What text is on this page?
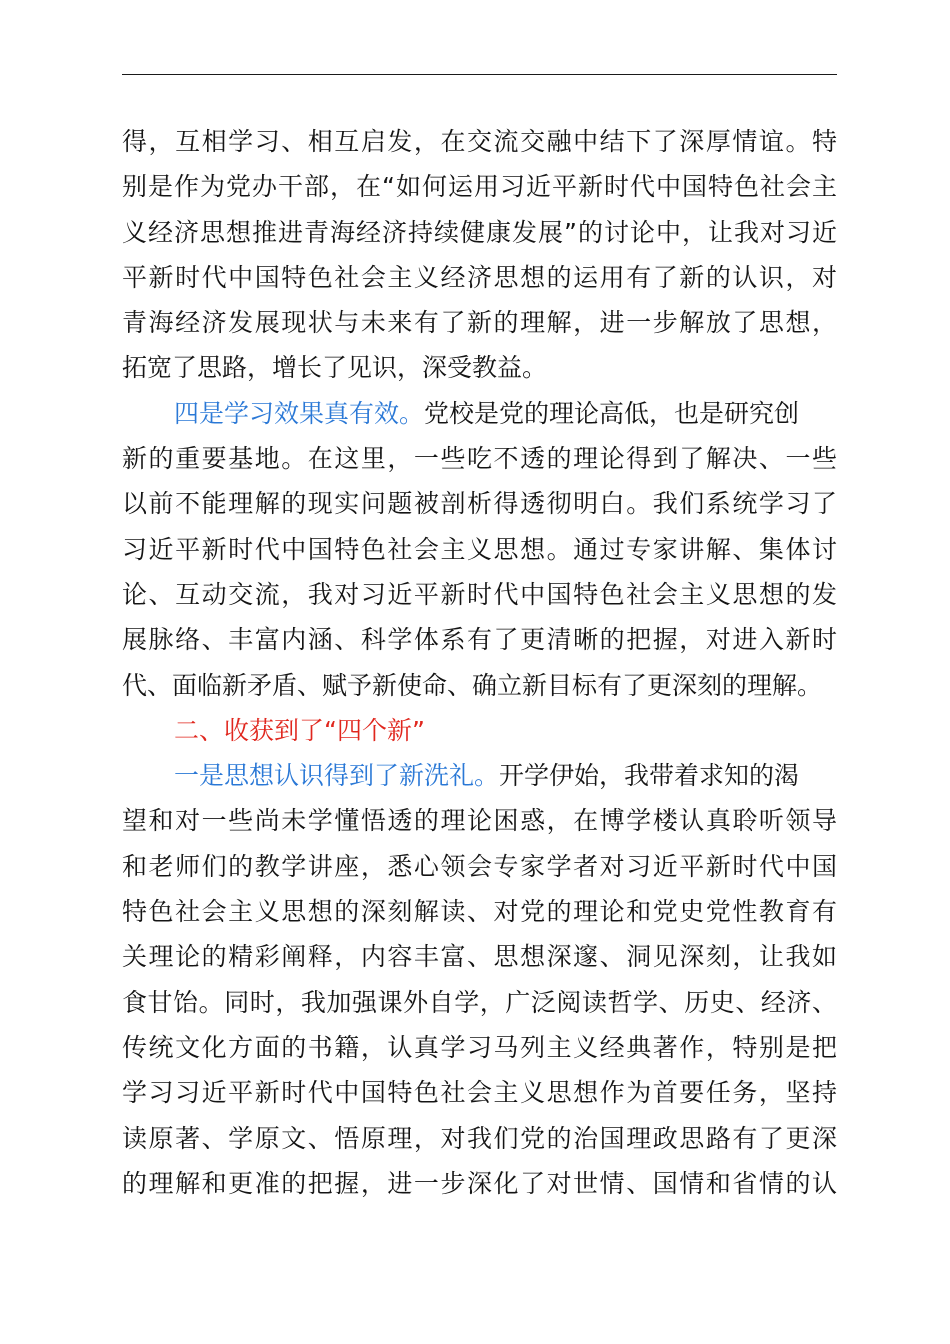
得，互相学习、相互启发，在交流交融中结下了深厚情谊。特
别是作为党办干部，在“如何运用习近平新时代中国特色社会主
义经济思想推进青海经济持续健康发展”的讨论中，让我对习近
平新时代中国特色社会主义经济思想的运用有了新的认识，对
青海经济发展现状与未来有了新的理解，进一步解放了思想，
拓宽了思路，增长了见识，深受教益。
四是学习效果真有效。党校是党的理论高低，也是研究创
新的重要基地。在这里，一些吃不透的理论得到了解决、一些
以前不能理解的现实问题被剖析得透彻明白。我们系统学习了
习近平新时代中国特色社会主义思想。通过专家讲解、集体讨
论、互动交流，我对习近平新时代中国特色社会主义思想的发
展脉络、丰富内涵、科学体系有了更清晰的把握，对进入新时
代、面临新矛盾、赋予新使命、确立新目标有了更深刻的理解。
二、收获到了“四个新”
一是思想认识得到了新洗礼。开学伊始，我带着求知的渴
望和对一些尚未学懂悟透的理论困惑，在博学楼认真聆听领导
和老师们的教学讲座，悉心领会专家学者对习近平新时代中国
特色社会主义思想的深刻解读、对党的理论和党史党性教育有
关理论的精彩阐释，内容丰富、思想深邃、洞见深刻，让我如
食甘饴。同时，我加强课外自学，广泛阅读哲学、历史、经济、
传统文化方面的书籍，认真学习马列主义经典著作，特别是把
学习习近平新时代中国特色社会主义思想作为首要任务，坚持
读原著、学原文、悟原理，对我们党的治国理政思路有了更深
的理解和更准的把握，进一步深化了对世情、国情和省情的认
